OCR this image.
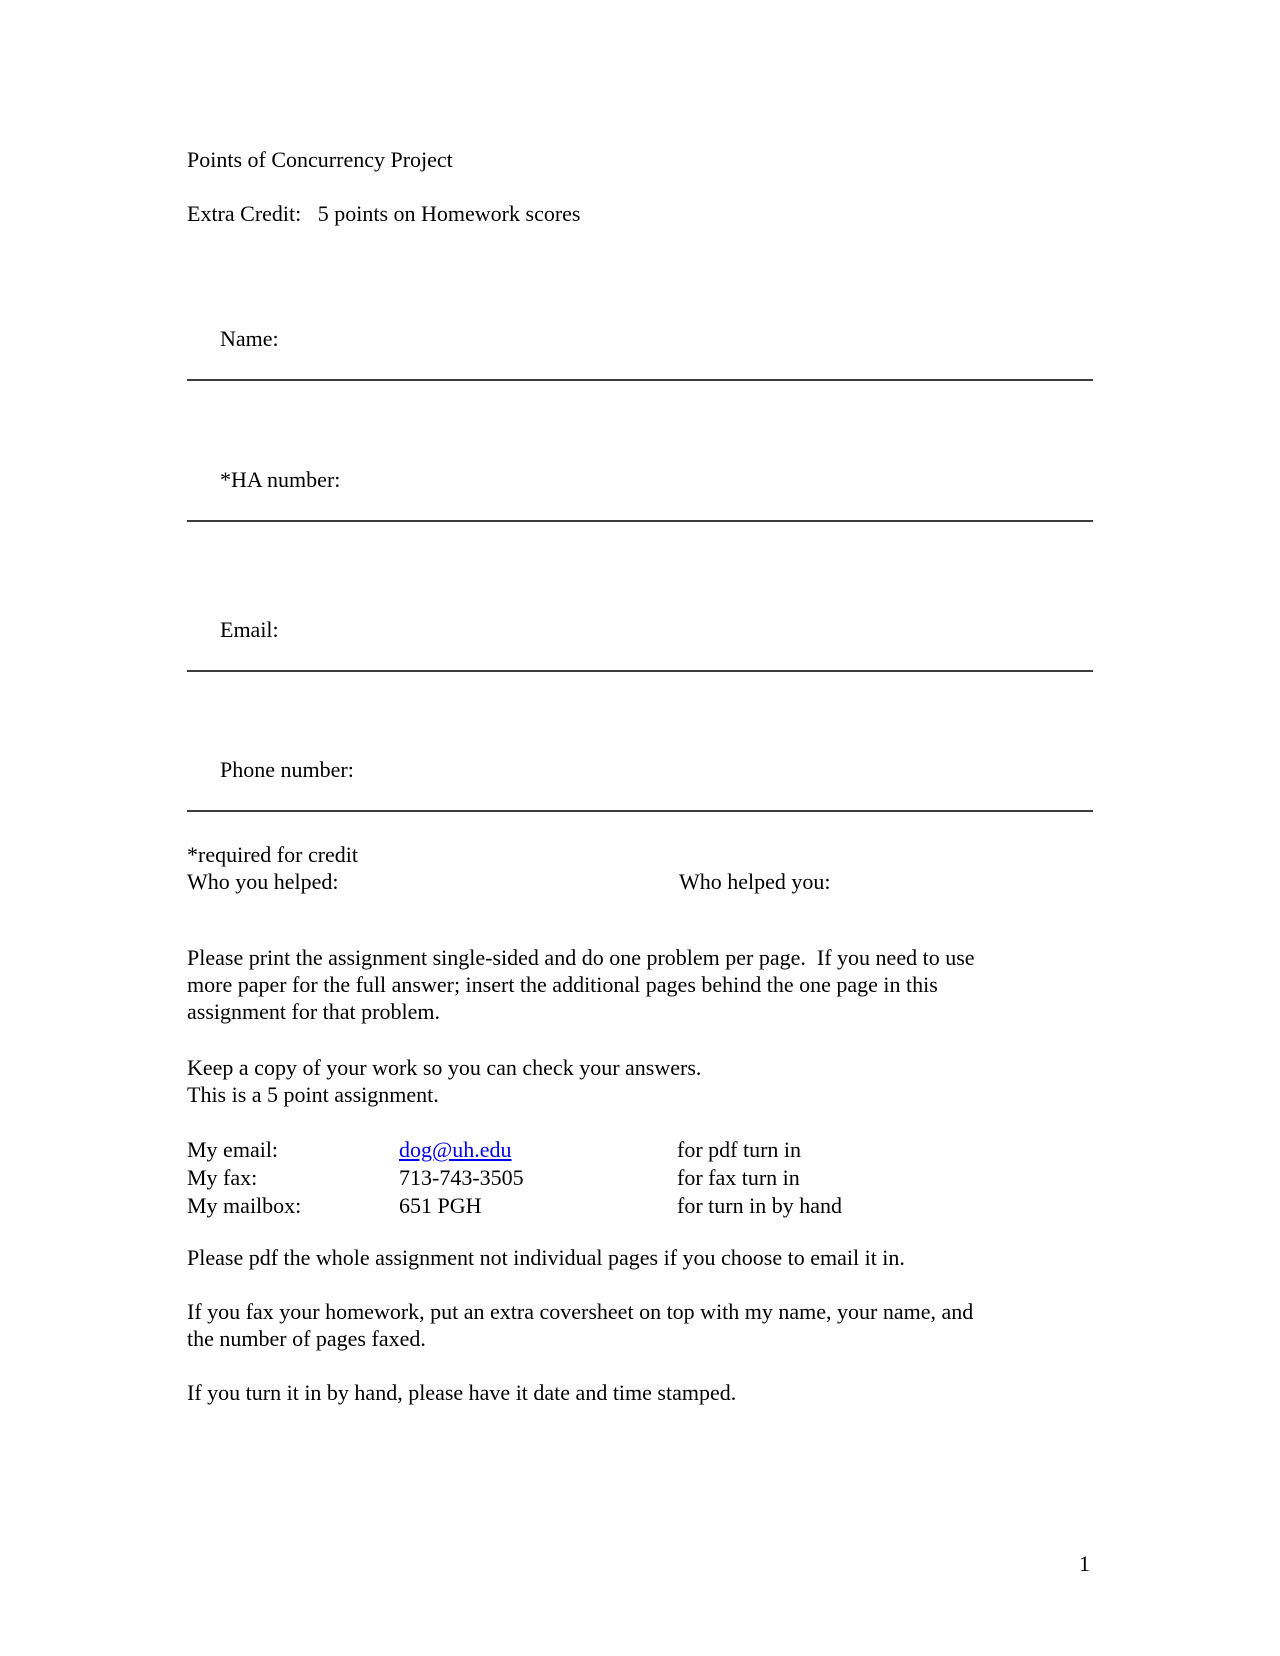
Points of Concurrency Project

Extra Credit:   5 points on Homework scores

Name:

*HA number:

Email:

Phone number:

*required for credit

Who you helped:	Who helped you:

Please print the assignment single-sided and do one problem per page.  If you need to use

more paper for the full answer; insert the additional pages behind the one page in this

assignment for that problem.

Keep a copy of your work so you can check your answers.

This is a 5 point assignment.

My email:	dog@uh.edu	for pdf turn in
My fax:	713-743-3505	for fax turn in
My mailbox:	651 PGH	for turn in by hand

Please pdf the whole assignment not individual pages if you choose to email it in.

If you fax your homework, put an extra coversheet on top with my name, your name, and

the number of pages faxed.

If you turn it in by hand, please have it date and time stamped.

1
